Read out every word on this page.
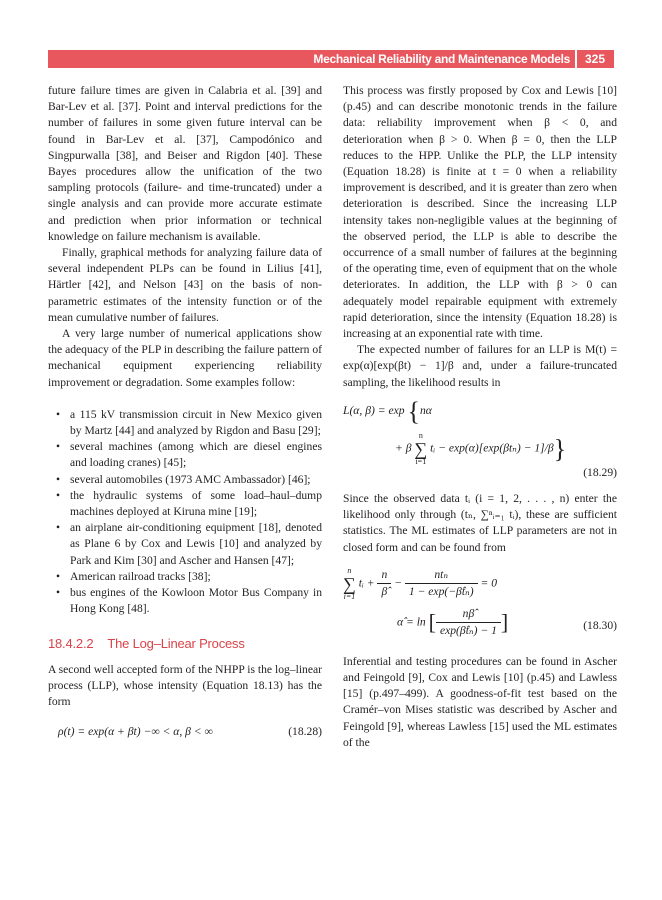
Mechanical Reliability and Maintenance Models	325

future failure times are given in Calabria et al. [39] and Bar-Lev et al. [37]. Point and interval predictions for the number of failures in some given future interval can be found in Bar-Lev et al. [37], Campodónico and Singpurwalla [38], and Beiser and Rigdon [40]. These Bayes procedures allow the unification of the two sampling protocols (failure- and time-truncated) under a single analysis and can provide more accurate estimate and prediction when prior information or technical knowledge on failure mechanism is available.

Finally, graphical methods for analyzing failure data of several independent PLPs can be found in Lilius [41], Härtler [42], and Nelson [43] on the basis of non-parametric estimates of the intensity function or of the mean cumulative number of failures.

A very large number of numerical applications show the adequacy of the PLP in describing the failure pattern of mechanical equipment experiencing reliability improvement or degradation. Some examples follow:

• a 115 kV transmission circuit in New Mexico given by Martz [44] and analyzed by Rigdon and Basu [29];
• several machines (among which are diesel engines and loading cranes) [45];
• several automobiles (1973 AMC Ambassador) [46];
• the hydraulic systems of some load–haul–dump machines deployed at Kiruna mine [19];
• an airplane air-conditioning equipment [18], denoted as Plane 6 by Cox and Lewis [10] and analyzed by Park and Kim [30] and Ascher and Hansen [47];
• American railroad tracks [38];
• bus engines of the Kowloon Motor Bus Company in Hong Kong [48].
18.4.2.2 The Log–Linear Process

A second well accepted form of the NHPP is the log–linear process (LLP), whose intensity (Equation 18.13) has the form

ρ(t) = exp(α + βt) −∞ < α, β < ∞	(18.28)

This process was firstly proposed by Cox and Lewis [10] (p.45) and can describe monotonic trends in the failure data: reliability improvement when β < 0, and deterioration when β > 0. When β = 0, then the LLP reduces to the HPP. Unlike the PLP, the LLP intensity (Equation 18.28) is finite at t = 0 when a reliability improvement is described, and it is greater than zero when deterioration is described. Since the increasing LLP intensity takes non-negligible values at the beginning of the observed period, the LLP is able to describe the occurrence of a small number of failures at the beginning of the operating time, even of equipment that on the whole deteriorates. In addition, the LLP with β > 0 can adequately model repairable equipment with extremely rapid deterioration, since the intensity (Equation 18.28) is increasing at an exponential rate with time.

The expected number of failures for an LLP is M(t) = exp(α)[exp(βt) − 1]/β and, under a failure-truncated sampling, the likelihood results in

L(α, β) = exp {nα
+ β
n
∑
i=1
tᵢ − exp(α)[exp(βtₙ) − 1]/β}
(18.29)

Since the observed data tᵢ (i = 1, 2, . . . , n) enter the likelihood only through (tₙ, ∑ⁿᵢ₌₁ tᵢ), these are sufficient statistics. The ML estimates of LLP parameters are not in closed form and can be found from

n
∑
i=1
tᵢ + $\frac{n}{\betâ} - \frac{\text{ntₙ}}{\text{1 − exp(−β̂tₙ)}} = 0$
α̂ = ln [ $\frac{n\betâ}{\text{exp(β̂tₙ) − 1}}$ ]	(18.30)

Inferential and testing procedures can be found in Ascher and Feingold [9], Cox and Lewis [10] (p.45) and Lawless [15] (p.497–499). A goodness-of-fit test based on the Cramér–von Mises statistic was described by Ascher and Feingold [9], whereas Lawless [15] used the ML estimates of the
